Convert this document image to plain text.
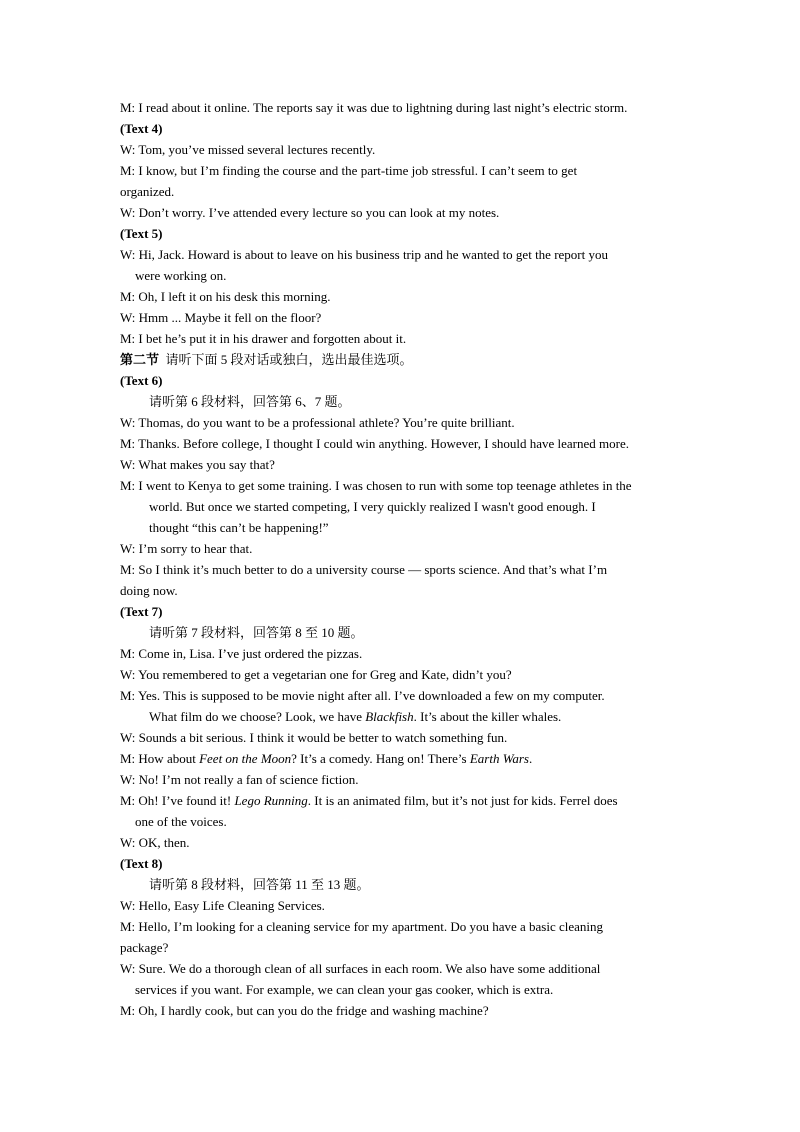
M: I read about it online. The reports say it was due to lightning during last night’s electric storm.
(Text 4)
W: Tom, you’ve missed several lectures recently.
M: I know, but I’m finding the course and the part-time job stressful. I can’t seem to get
organized.
W: Don’t worry. I’ve attended every lecture so you can look at my notes.
(Text 5)
W: Hi, Jack. Howard is about to leave on his business trip and he wanted to get the report you
were working on.
M: Oh, I left it on his desk this morning.
W: Hmm ... Maybe it fell on the floor?
M: I bet he’s put it in his drawer and forgotten about it.
第二节 请听下面 5 段对话或独白，选出最佳选项。
(Text 6)
请听第 6 段材料，回答第 6、7 题。
W: Thomas, do you want to be a professional athlete? You’re quite brilliant.
M: Thanks. Before college, I thought I could win anything. However, I should have learned more.
W: What makes you say that?
M: I went to Kenya to get some training. I was chosen to run with some top teenage athletes in the
world. But once we started competing, I very quickly realized I wasn't good enough. I
thought “this can’t be happening!”
W: I’m sorry to hear that.
M: So I think it’s much better to do a university course — sports science. And that’s what I’m
doing now.
(Text 7)
请听第 7 段材料，回答第 8 至 10 题。
M: Come in, Lisa. I’ve just ordered the pizzas.
W: You remembered to get a vegetarian one for Greg and Kate, didn’t you?
M: Yes. This is supposed to be movie night after all. I’ve downloaded a few on my computer.
What film do we choose? Look, we have Blackfish. It’s about the killer whales.
W: Sounds a bit serious. I think it would be better to watch something fun.
M: How about Feet on the Moon? It’s a comedy. Hang on! There’s Earth Wars.
W: No! I’m not really a fan of science fiction.
M: Oh! I’ve found it! Lego Running. It is an animated film, but it’s not just for kids. Ferrel does
one of the voices.
W: OK, then.
(Text 8)
请听第 8 段材料，回答第 11 至 13 题。
W: Hello, Easy Life Cleaning Services.
M: Hello, I’m looking for a cleaning service for my apartment. Do you have a basic cleaning
package?
W: Sure. We do a thorough clean of all surfaces in each room. We also have some additional
services if you want. For example, we can clean your gas cooker, which is extra.
M: Oh, I hardly cook, but can you do the fridge and washing machine?
